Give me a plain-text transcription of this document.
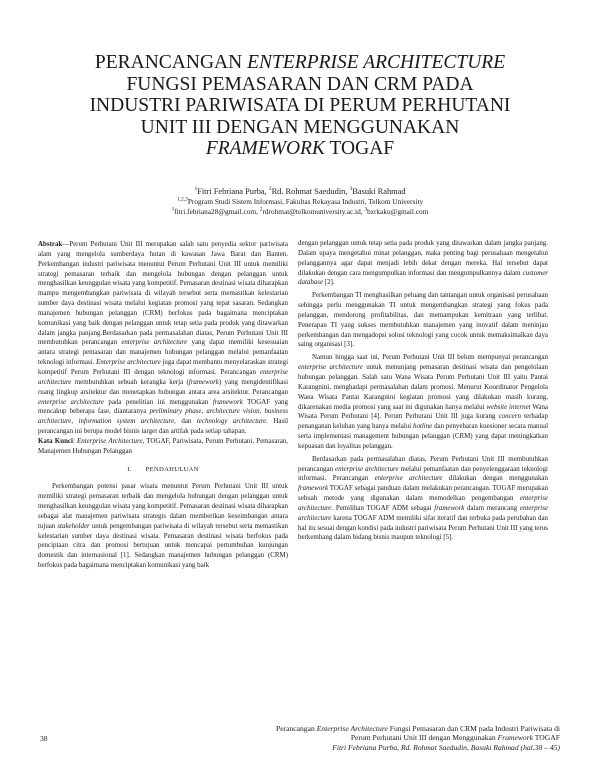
PERANCANGAN ENTERPRISE ARCHITECTURE
FUNGSI PEMASARAN DAN CRM PADA
INDUSTRI PARIWISATA DI PERUM PERHUTANI
UNIT III DENGAN MENGGUNAKAN
FRAMEWORK TOGAF
$^1$Fitri Febriana Purba, $^2$Rd. Rohmat Saedudin, $^3$Basuki Rahmad
$^{1,2,3}$Program Studi Sistem Informasi, Fakultas Rekayasa Industri, Telkom University
$^1$fitri.febriana28@gmail.com, $^2$rdrohmat@telkomuniversity.ac.id, $^3$bzrkaku@gmail.com

Abstrak—Perum Perhutani Unit III merupakan salah satu penyedia sektor pariwisata alam yang mengelola sumberdaya hutan di kawasan Jawa Barat dan Banten. Perkembangan industri pariwisata menuntut Perum Perhutani Unit III untuk memiliki strategi pemasaran terbaik dan mengelola hubungan dengan pelanggan untuk menghasilkan keunggulan wisata yang kompetitif. Pemasaran destinasi wisata diharapkan mampu mengembangkan pariwisata di wilayah tersebut serta memastikan kelestarian sumber daya destinasi wisata melalui kegiatan promosi yang tepat sasaran. Sedangkan manajemen hubungan pelanggan (CRM) berfokus pada bagaimana menciptakan komunikasi yang baik dengan pelanggan untuk tetap setia pada produk yang ditawarkan dalam jangka panjang.Berdasarkan pada permasalahan diatas, Perum Perhutani Unit III membutuhkan perancangan enterprise architecture yang dapat memiliki kesesuaian antara strategi pemasaran dan manajemen hubungan pelanggan melalui pemanfaatan teknologi informasi. Enterprise architecture juga dapat membantu menyelaraskan strategi kompetitif Perum Perhutani III dengan teknologi informasi. Perancangan enterprise architecture membutuhkan sebuah kerangka kerja (framework) yang mengidentifikasi ruang lingkup arsitektur dan menetapkan hubungan antara area arsitektur. Perancangan enterprise architecture pada penelitian ini menggunakan framework TOGAF yang mencakup beberapa fase, diantaranya preliminary phase, architecture vision, business architecture, information system architecture, dan technology architecture. Hasil perancangan ini berupa model bisnis target dan artifak pada setiap tahapan.

Kata Kunci: Enterprise Architecture, TOGAF, Pariwisata, Perum Perhutani, Pemasaran, Manajemen Hubungan Pelanggan

I. PENDAHULUAN

Perkembangan potensi pasar wisata menuntut Perum Perhutani Unit III untuk memiliki strategi pemasaran terbaik dan mengelola hubungan dengan pelanggan untuk menghasilkan keunggulan wisata yang kompetitif. Pemasaran destinasi wisata diharapkan sebagai alat manajemen pariwisata strategis dalam memberikan keseimbangan antara tujuan stakeholder untuk pengembangan pariwisata di wilayah tersebut serta memastikan kelestarian sumber daya destinasi wisata. Pemasaran destinasi wisata berfokus pada penciptaan citra dan promosi bertujuan untuk mencapai pertumbuhan kunjungan domestik dan internasional [1]. Sedangkan manajemen hubungan pelanggan (CRM) berfokus pada bagaimana menciptakan komunikasi yang baik

dengan pelanggan untuk tetap setia pada produk yang ditawarkan dalam jangka panjang. Dalam upaya mengetahui minat pelanggan, maka penting bagi perusahaan mengetahui pelanggannya agar dapat menjadi lebih dekat dengan mereka. Hal tersebut dapat dilakukan dengan cara mengumpulkan informasi dan mengumpulkannya dalam customer database [2].

Perkembangan TI menghasilkan peluang dan tantangan untuk organisasi perusahaan sehingga perlu menggunakan TI untuk mengembangkan strategi yang fokus pada pelanggan, mendorong profitabilitas, dan memampukan kemitraan yang terlibat. Penerapan TI yang sukses membutuhkan manajemen yang inovatif dalam meninjau perkembangan dan mengadopsi solusi teknologi yang cocok untuk memaksimalkan daya saing organisasi [3].

Namun hingga saat ini, Perum Perhutani Unit III belum mempunyai perancangan enterprise architecture untuk menunjang pemasaran destinasi wisata dan pengelolaan hubungan pelanggan. Salah satu Wana Wisata Perum Perhutani Unit III yaitu Pantai Karangnini, menghadapi permasalahan dalam promosi. Menurut Koordinator Pengelola Wana Wisata Pantai Karangnini kegiatan promosi yang dilakukan masih kurang, dikarenakan media promosi yang saat ini digunakan hanya melalui website internet Wana Wisata Perum Perhutani [4]. Perum Perhutani Unit III juga kurang concern terhadap penanganan keluhan yang hanya melalui hotline dan penyebaran kuesioner secara manual serta implementasi management hubungan pelanggan (CRM) yang dapat meningkatkan kepuasan dan loyalitas pelanggan.

Berdasarkan pada permasalahan diatas, Perum Perhutani Unit III membutuhkan perancangan enterprise architecture melalui pemanfaatan dan penyelenggaraan teknologi informasi. Perancangan enterprise architecture dilakukan dengan menggunakan framework TOGAF sebagai panduan dalam melakukan perancangan. TOGAF merupakan sebuah metode yang digunakan dalam memodelkan pengembangan enterprise architecture. Pemilihan TOGAF ADM sebagai framework dalam merancang enterprise architecture karena TOGAF ADM memiliki sifat iteratif dan terbuka pada perubahan dan hal itu sesuai dengan kondisi pada industri pariwisata Perum Perhutani Unit III yang terus berkembang dalam bidang bisnis maupun teknologi [5].

38
Perancangan Enterprise Architecture Fungsi Pemasaran dan CRM pada Industri Pariwisata di
Perum Perhutani Unit III dengan Menggunakan Framework TOGAF
Fitri Febriana Purba, Rd. Rohmat Saedudin, Basuki Rahmad (hal.38 – 45)
